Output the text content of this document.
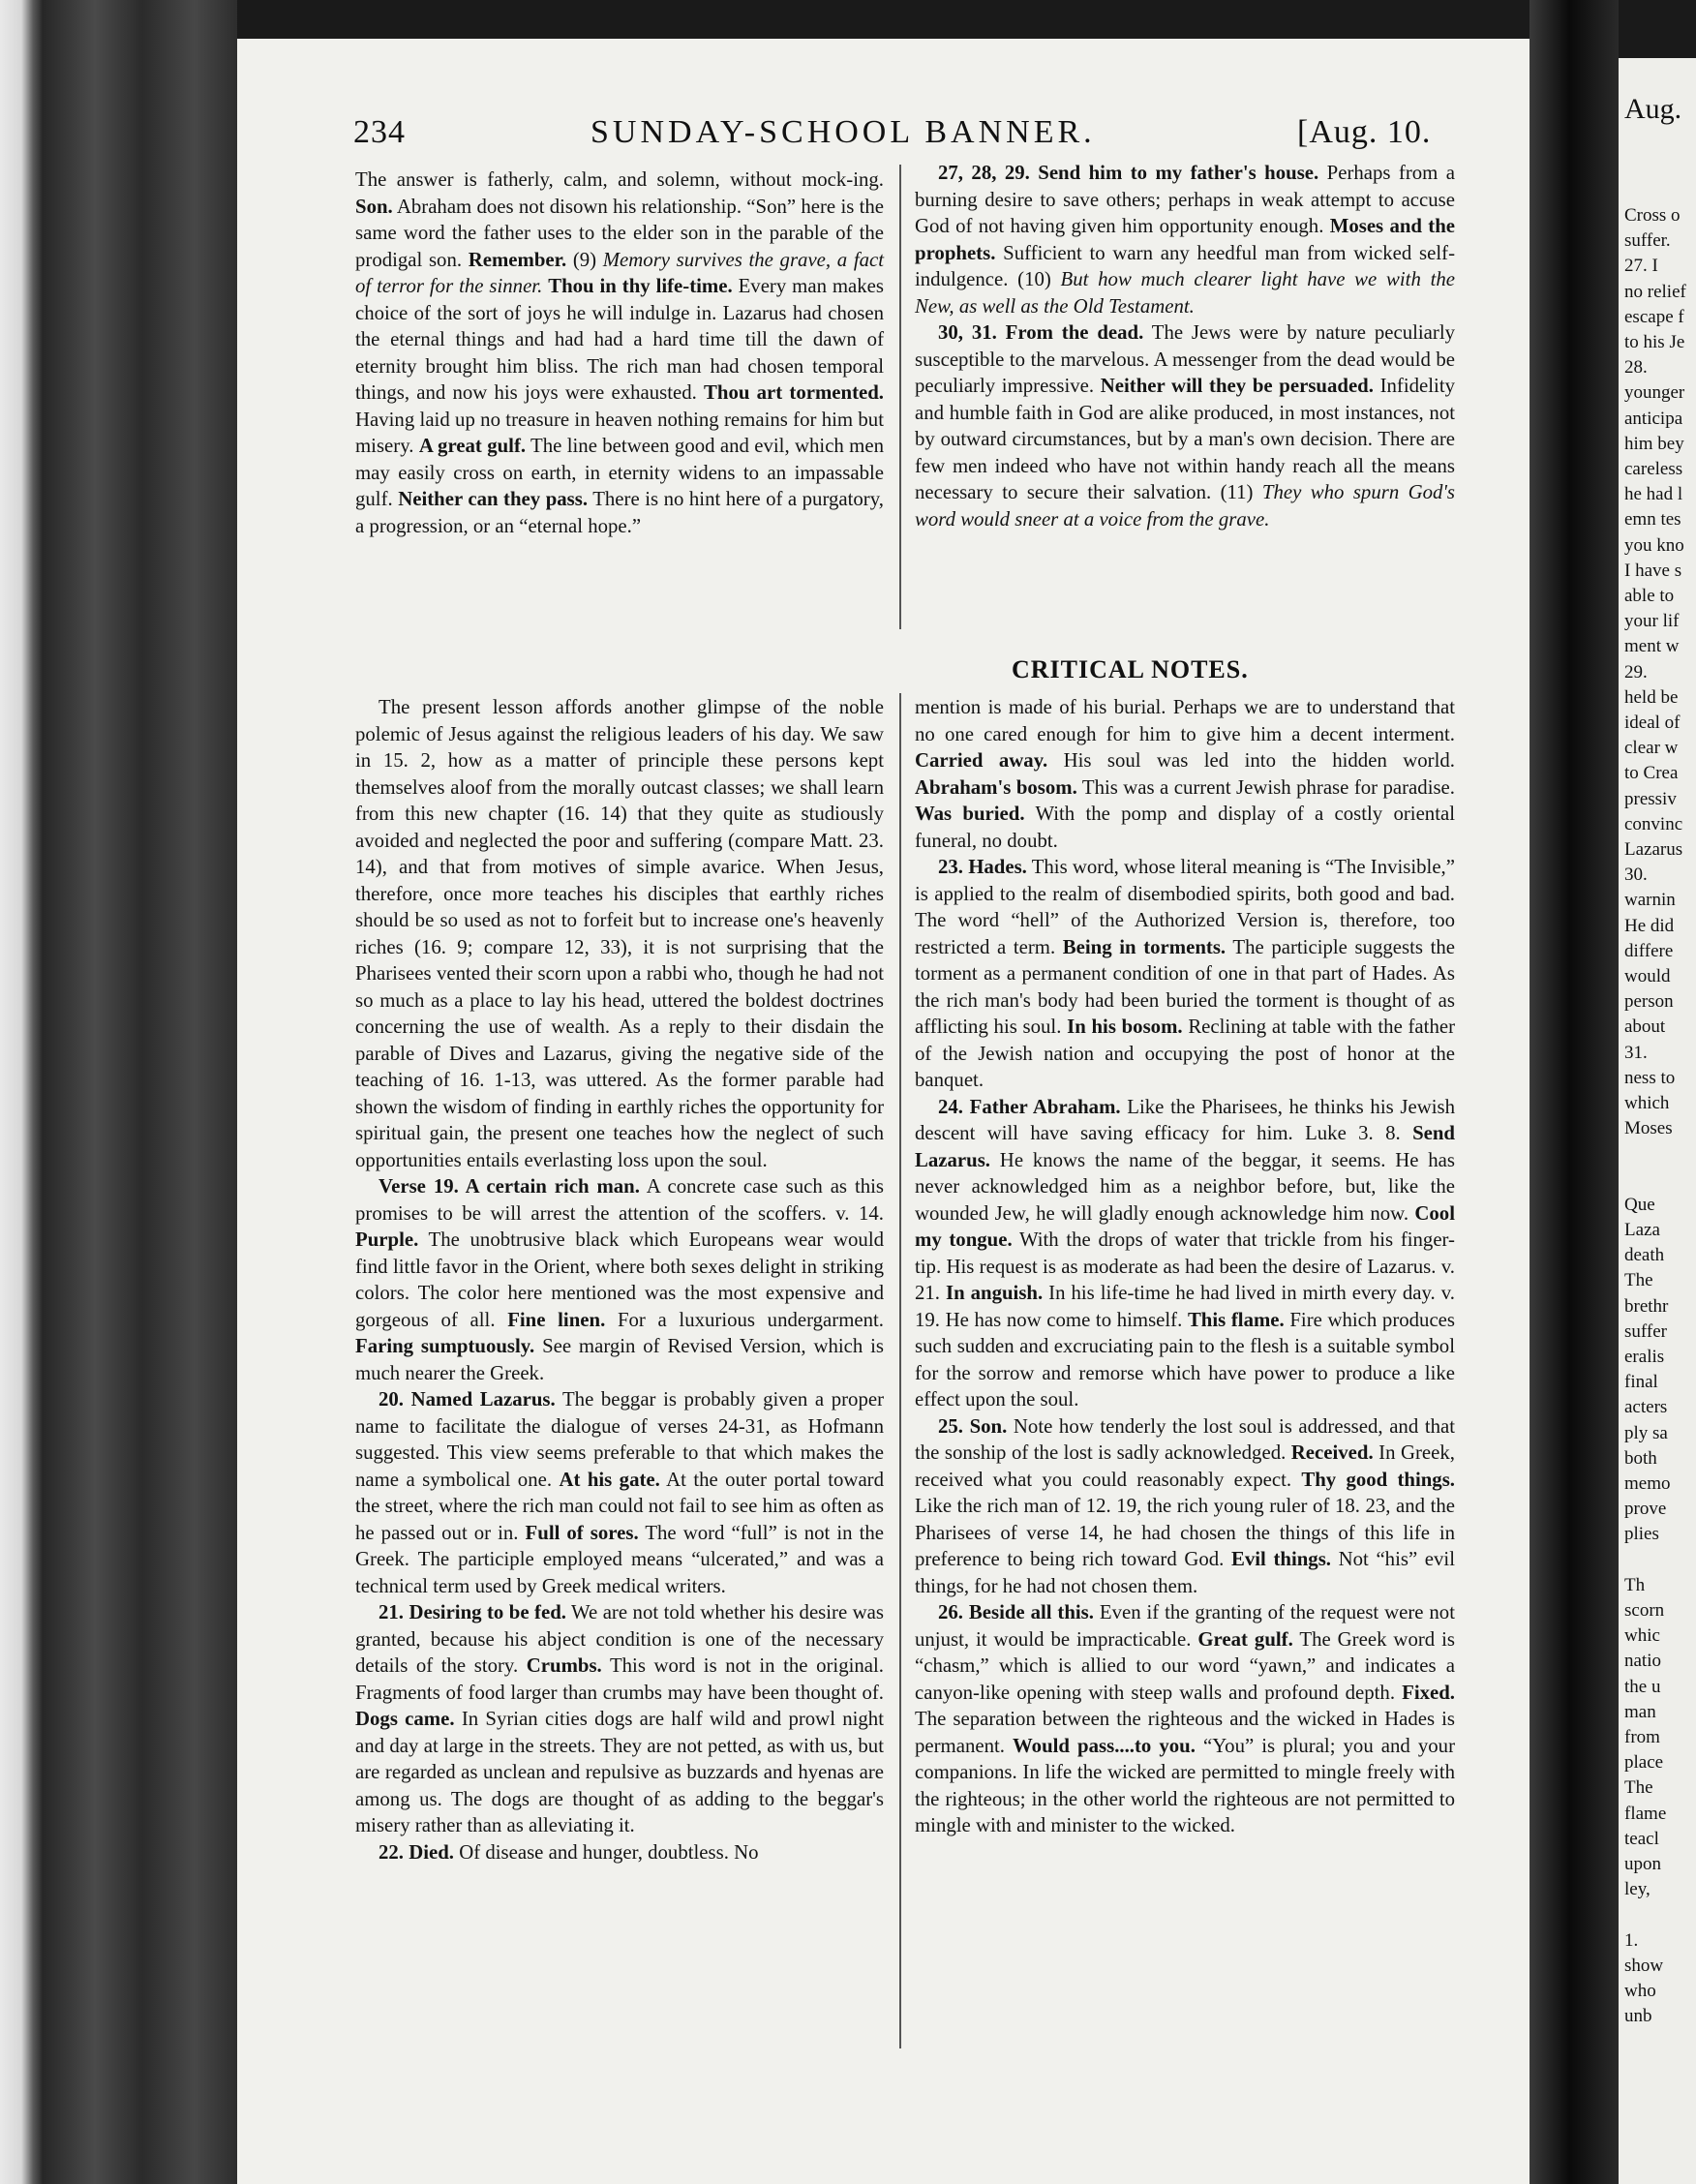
234	SUNDAY-SCHOOL BANNER.	[Aug. 10.

The answer is fatherly, calm, and solemn, without mock-ing. Son. Abraham does not disown his relationship. “Son” here is the same word the father uses to the elder son in the parable of the prodigal son. Remember. (9) Memory survives the grave, a fact of terror for the sinner. Thou in thy life-time. Every man makes choice of the sort of joys he will indulge in. Lazarus had chosen the eternal things and had had a hard time till the dawn of eternity brought him bliss. The rich man had chosen temporal things, and now his joys were exhausted. Thou art tormented. Having laid up no treasure in heaven nothing remains for him but misery. A great gulf. The line between good and evil, which men may easily cross on earth, in eternity widens to an impassable gulf. Neither can they pass. There is no hint here of a purgatory, a progression, or an “eternal hope.”

27, 28, 29. Send him to my father's house. Perhaps from a burning desire to save others; perhaps in weak attempt to accuse God of not having given him opportunity enough. Moses and the prophets. Sufficient to warn any heedful man from wicked self-indulgence. (10) But how much clearer light have we with the New, as well as the Old Testament.

30, 31. From the dead. The Jews were by nature peculiarly susceptible to the marvelous. A messenger from the dead would be peculiarly impressive. Neither will they be persuaded. Infidelity and humble faith in God are alike produced, in most instances, not by outward circumstances, but by a man's own decision. There are few men indeed who have not within handy reach all the means necessary to secure their salvation. (11) They who spurn God's word would sneer at a voice from the grave.

CRITICAL NOTES.

The present lesson affords another glimpse of the noble polemic of Jesus against the religious leaders of his day. We saw in 15. 2, how as a matter of principle these persons kept themselves aloof from the morally outcast classes; we shall learn from this new chapter (16. 14) that they quite as studiously avoided and neglected the poor and suffering (compare Matt. 23. 14), and that from motives of simple avarice. When Jesus, therefore, once more teaches his disciples that earthly riches should be so used as not to forfeit but to increase one's heavenly riches (16. 9; compare 12, 33), it is not surprising that the Pharisees vented their scorn upon a rabbi who, though he had not so much as a place to lay his head, uttered the boldest doctrines concerning the use of wealth. As a reply to their disdain the parable of Dives and Lazarus, giving the negative side of the teaching of 16. 1-13, was uttered. As the former parable had shown the wisdom of finding in earthly riches the opportunity for spiritual gain, the present one teaches how the neglect of such opportunities entails everlasting loss upon the soul.

Verse 19. A certain rich man. A concrete case such as this promises to be will arrest the attention of the scoffers. v. 14. Purple. The unobtrusive black which Europeans wear would find little favor in the Orient, where both sexes delight in striking colors. The color here mentioned was the most expensive and gorgeous of all. Fine linen. For a luxurious undergarment. Faring sumptuously. See margin of Revised Version, which is much nearer the Greek.

20. Named Lazarus. The beggar is probably given a proper name to facilitate the dialogue of verses 24-31, as Hofmann suggested. This view seems preferable to that which makes the name a symbolical one. At his gate. At the outer portal toward the street, where the rich man could not fail to see him as often as he passed out or in. Full of sores. The word “full” is not in the Greek. The participle employed means “ulcerated,” and was a technical term used by Greek medical writers.

21. Desiring to be fed. We are not told whether his desire was granted, because his abject condition is one of the necessary details of the story. Crumbs. This word is not in the original. Fragments of food larger than crumbs may have been thought of. Dogs came. In Syrian cities dogs are half wild and prowl night and day at large in the streets. They are not petted, as with us, but are regarded as unclean and repulsive as buzzards and hyenas are among us. The dogs are thought of as adding to the beggar's misery rather than as alleviating it.

22. Died. Of disease and hunger, doubtless. No

mention is made of his burial. Perhaps we are to understand that no one cared enough for him to give him a decent interment. Carried away. His soul was led into the hidden world. Abraham's bosom. This was a current Jewish phrase for paradise. Was buried. With the pomp and display of a costly oriental funeral, no doubt.

23. Hades. This word, whose literal meaning is “The Invisible,” is applied to the realm of disembodied spirits, both good and bad. The word “hell” of the Authorized Version is, therefore, too restricted a term. Being in torments. The participle suggests the torment as a permanent condition of one in that part of Hades. As the rich man's body had been buried the torment is thought of as afflicting his soul. In his bosom. Reclining at table with the father of the Jewish nation and occupying the post of honor at the banquet.

24. Father Abraham. Like the Pharisees, he thinks his Jewish descent will have saving efficacy for him. Luke 3. 8. Send Lazarus. He knows the name of the beggar, it seems. He has never acknowledged him as a neighbor before, but, like the wounded Jew, he will gladly enough acknowledge him now. Cool my tongue. With the drops of water that trickle from his finger-tip. His request is as moderate as had been the desire of Lazarus. v. 21. In anguish. In his life-time he had lived in mirth every day. v. 19. He has now come to himself. This flame. Fire which produces such sudden and excruciating pain to the flesh is a suitable symbol for the sorrow and remorse which have power to produce a like effect upon the soul.

25. Son. Note how tenderly the lost soul is addressed, and that the sonship of the lost is sadly acknowledged. Received. In Greek, received what you could reasonably expect. Thy good things. Like the rich man of 12. 19, the rich young ruler of 18. 23, and the Pharisees of verse 14, he had chosen the things of this life in preference to being rich toward God. Evil things. Not “his” evil things, for he had not chosen them.

26. Beside all this. Even if the granting of the request were not unjust, it would be impracticable. Great gulf. The Greek word is “chasm,” which is allied to our word “yawn,” and indicates a canyon-like opening with steep walls and profound depth. Fixed. The separation between the righteous and the wicked in Hades is permanent. Would pass....to you. “You” is plural; you and your companions. In life the wicked are permitted to mingle freely with the righteous; in the other world the righteous are not permitted to mingle with and minister to the wicked.

Aug.
Cross o
suffer.
27. I
no relief
escape f
to his Je
28.
younger
anticipa
him bey
careless
he had l
emn tes
you kno
I have s
able to
your lif
ment w
29.
held be
ideal of
clear w
to Crea
pressiv
convinc
Lazarus
30.
warnin
He did
differe
would
person
about
31.
ness to
which
Moses
Que
Laza
death
The
brethr
suffer
eralis
final
acters
ply sa
both
memo
prove
plies
Th
scorn
whic
natio
the u
man
from
place
The
flame
teacl
upon
ley,
1.
show
who
unb
